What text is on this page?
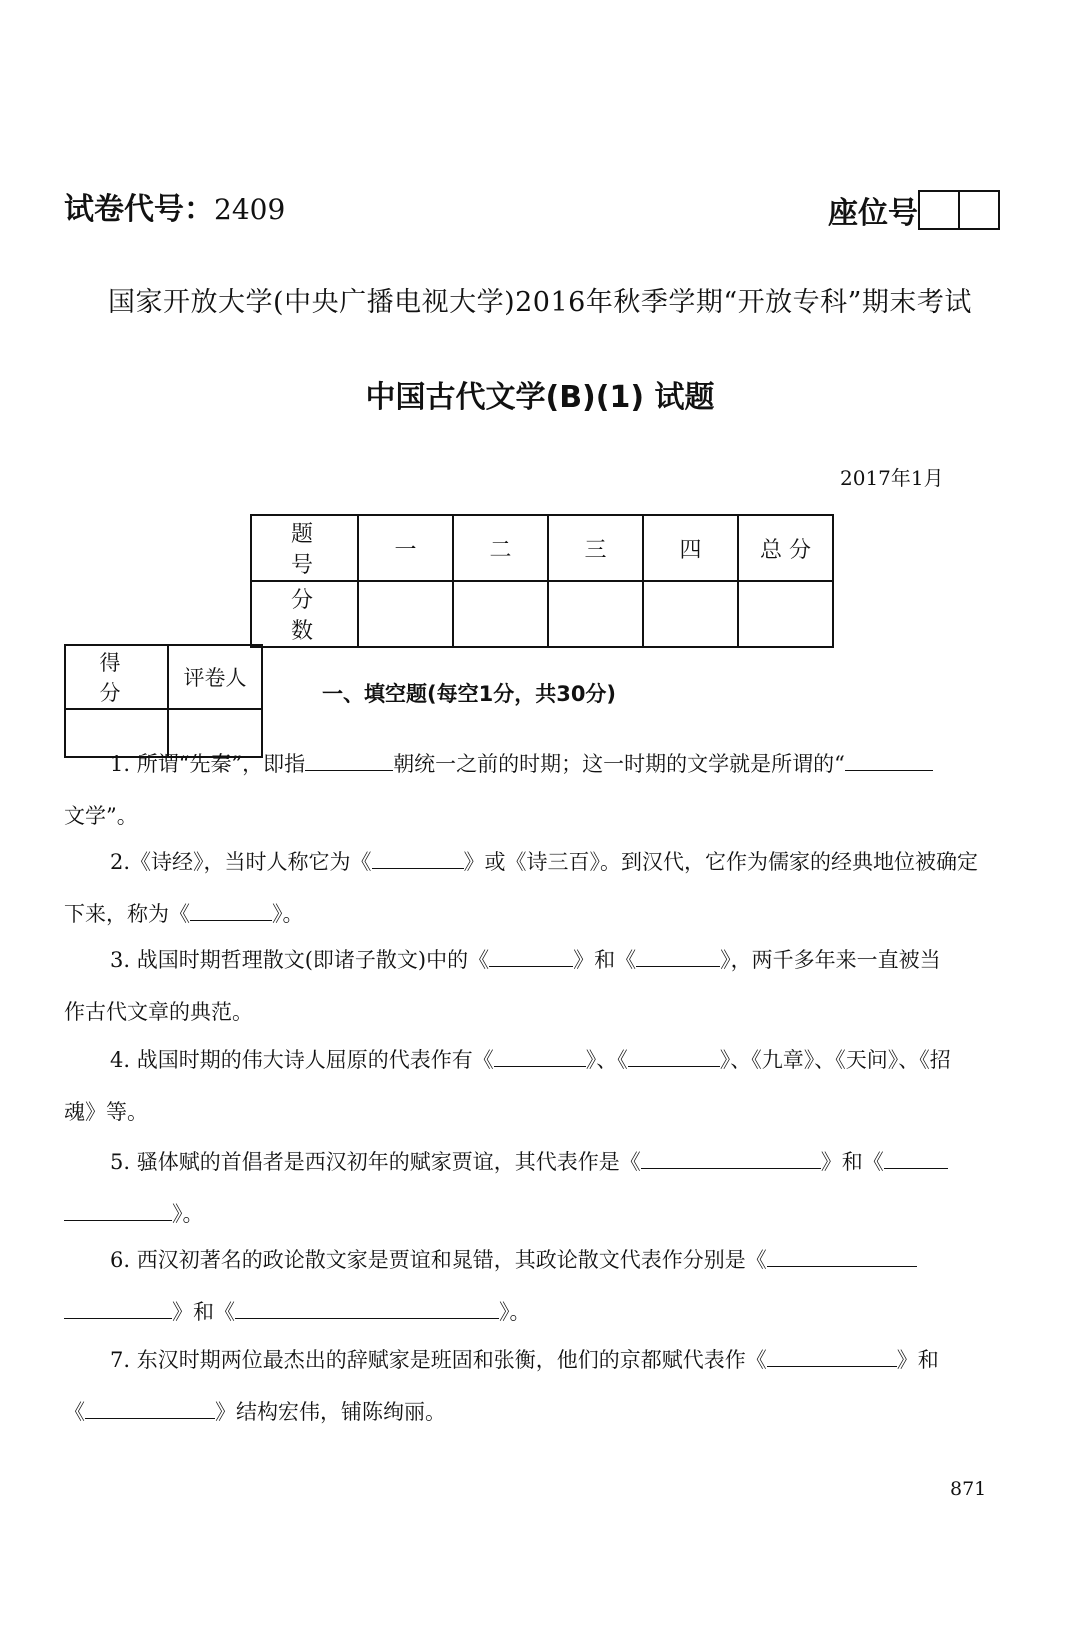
试卷代号：2409	座位号
国家开放大学(中央广播电视大学)2016年秋季学期“开放专科”期末考试
中国古代文学(B)(1) 试题
2017年1月
题 号	一	二	三	四	总 分
分 数					
得 分	评卷人

一、填空题(每空1分，共30分)
1. 所谓“先秦”，即指	朝统一之前的时期；这一时期的文学就是所谓的“
文学”。
2.《诗经》，当时人称它为《	》或《诗三百》。到汉代，它作为儒家的经典地位被确定
下来，称为《	》。
3. 战国时期哲理散文(即诸子散文)中的《	》和《	》，两千多年来一直被当
作古代文章的典范。
4. 战国时期的伟大诗人屈原的代表作有《	》、《	》、《九章》、《天问》、《招
魂》等。
5. 骚体赋的首倡者是西汉初年的赋家贾谊，其代表作是《	》和《
》。
6. 西汉初著名的政论散文家是贾谊和晁错，其政论散文代表作分别是《
》和《	》。
7. 东汉时期两位最杰出的辞赋家是班固和张衡，他们的京都赋代表作《	》和
《	》结构宏伟，铺陈绚丽。
871
